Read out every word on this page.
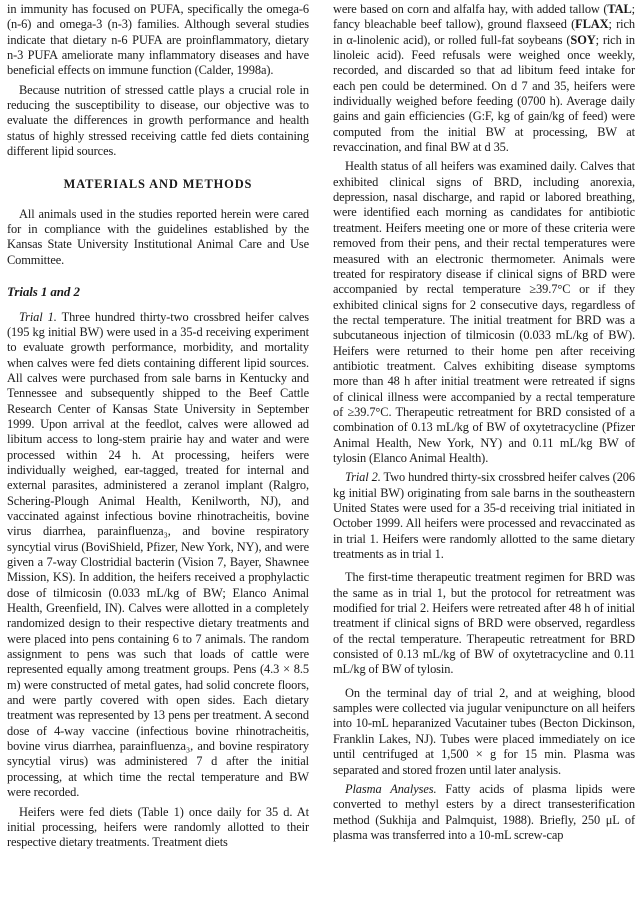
in immunity has focused on PUFA, specifically the omega-6 (n-6) and omega-3 (n-3) families. Although several studies indicate that dietary n-6 PUFA are proinflammatory, dietary n-3 PUFA ameliorate many inflammatory diseases and have beneficial effects on immune function (Calder, 1998a).

Because nutrition of stressed cattle plays a crucial role in reducing the susceptibility to disease, our objective was to evaluate the differences in growth performance and health status of highly stressed receiving cattle fed diets containing different lipid sources.

MATERIALS AND METHODS

All animals used in the studies reported herein were cared for in compliance with the guidelines established by the Kansas State University Institutional Animal Care and Use Committee.

Trials 1 and 2

Trial 1. Three hundred thirty-two crossbred heifer calves (195 kg initial BW) were used in a 35-d receiving experiment to evaluate growth performance, morbidity, and mortality when calves were fed diets containing different lipid sources. All calves were purchased from sale barns in Kentucky and Tennessee and subsequently shipped to the Beef Cattle Research Center of Kansas State University in September 1999. Upon arrival at the feedlot, calves were allowed ad libitum access to long-stem prairie hay and water and were processed within 24 h. At processing, heifers were individually weighed, ear-tagged, treated for internal and external parasites, administered a zeranol implant (Ralgro, Schering-Plough Animal Health, Kenilworth, NJ), and vaccinated against infectious bovine rhinotracheitis, bovine virus diarrhea, parainfluenza₃, and bovine respiratory syncytial virus (BoviShield, Pfizer, New York, NY), and were given a 7-way Clostridial bacterin (Vision 7, Bayer, Shawnee Mission, KS). In addition, the heifers received a prophylactic dose of tilmicosin (0.033 mL/kg of BW; Elanco Animal Health, Greenfield, IN). Calves were allotted in a completely randomized design to their respective dietary treatments and were placed into pens containing 6 to 7 animals. The random assignment to pens was such that loads of cattle were represented equally among treatment groups. Pens (4.3 × 8.5 m) were constructed of metal gates, had solid concrete floors, and were partly covered with open sides. Each dietary treatment was represented by 13 pens per treatment. A second dose of 4-way vaccine (infectious bovine rhinotracheitis, bovine virus diarrhea, parainfluenza₃, and bovine respiratory syncytial virus) was administered 7 d after the initial processing, at which time the rectal temperature and BW were recorded.

Heifers were fed diets (Table 1) once daily for 35 d. At initial processing, heifers were randomly allotted to their respective dietary treatments. Treatment diets

were based on corn and alfalfa hay, with added tallow (TAL; fancy bleachable beef tallow), ground flaxseed (FLAX; rich in α-linolenic acid), or rolled full-fat soybeans (SOY; rich in linoleic acid). Feed refusals were weighed once weekly, recorded, and discarded so that ad libitum feed intake for each pen could be determined. On d 7 and 35, heifers were individually weighed before feeding (0700 h). Average daily gains and gain efficiencies (G:F, kg of gain/kg of feed) were computed from the initial BW at processing, BW at revaccination, and final BW at d 35.

Health status of all heifers was examined daily. Calves that exhibited clinical signs of BRD, including anorexia, depression, nasal discharge, and rapid or labored breathing, were identified each morning as candidates for antibiotic treatment. Heifers meeting one or more of these criteria were removed from their pens, and their rectal temperatures were measured with an electronic thermometer. Animals were treated for respiratory disease if clinical signs of BRD were accompanied by rectal temperature ≥39.7°C or if they exhibited clinical signs for 2 consecutive days, regardless of the rectal temperature. The initial treatment for BRD was a subcutaneous injection of tilmicosin (0.033 mL/kg of BW). Heifers were returned to their home pen after receiving antibiotic treatment. Calves exhibiting disease symptoms more than 48 h after initial treatment were retreated if signs of clinical illness were accompanied by a rectal temperature of ≥39.7°C. Therapeutic retreatment for BRD consisted of a combination of 0.13 mL/kg of BW of oxytetracycline (Pfizer Animal Health, New York, NY) and 0.11 mL/kg BW of tylosin (Elanco Animal Health).

Trial 2. Two hundred thirty-six crossbred heifer calves (206 kg initial BW) originating from sale barns in the southeastern United States were used for a 35-d receiving trial initiated in October 1999. All heifers were processed and revaccinated as in trial 1. Heifers were randomly allotted to the same dietary treatments as in trial 1.

The first-time therapeutic treatment regimen for BRD was the same as in trial 1, but the protocol for retreatment was modified for trial 2. Heifers were retreated after 48 h of initial treatment if clinical signs of BRD were observed, regardless of the rectal temperature. Therapeutic retreatment for BRD consisted of 0.13 mL/kg of BW of oxytetracycline and 0.11 mL/kg of BW of tylosin.

On the terminal day of trial 2, and at weighing, blood samples were collected via jugular venipuncture on all heifers into 10-mL heparanized Vacutainer tubes (Becton Dickinson, Franklin Lakes, NJ). Tubes were placed immediately on ice until centrifuged at 1,500 × g for 15 min. Plasma was separated and stored frozen until later analysis.

Plasma Analyses. Fatty acids of plasma lipids were converted to methyl esters by a direct transesterification method (Sukhija and Palmquist, 1988). Briefly, 250 μL of plasma was transferred into a 10-mL screw-cap
